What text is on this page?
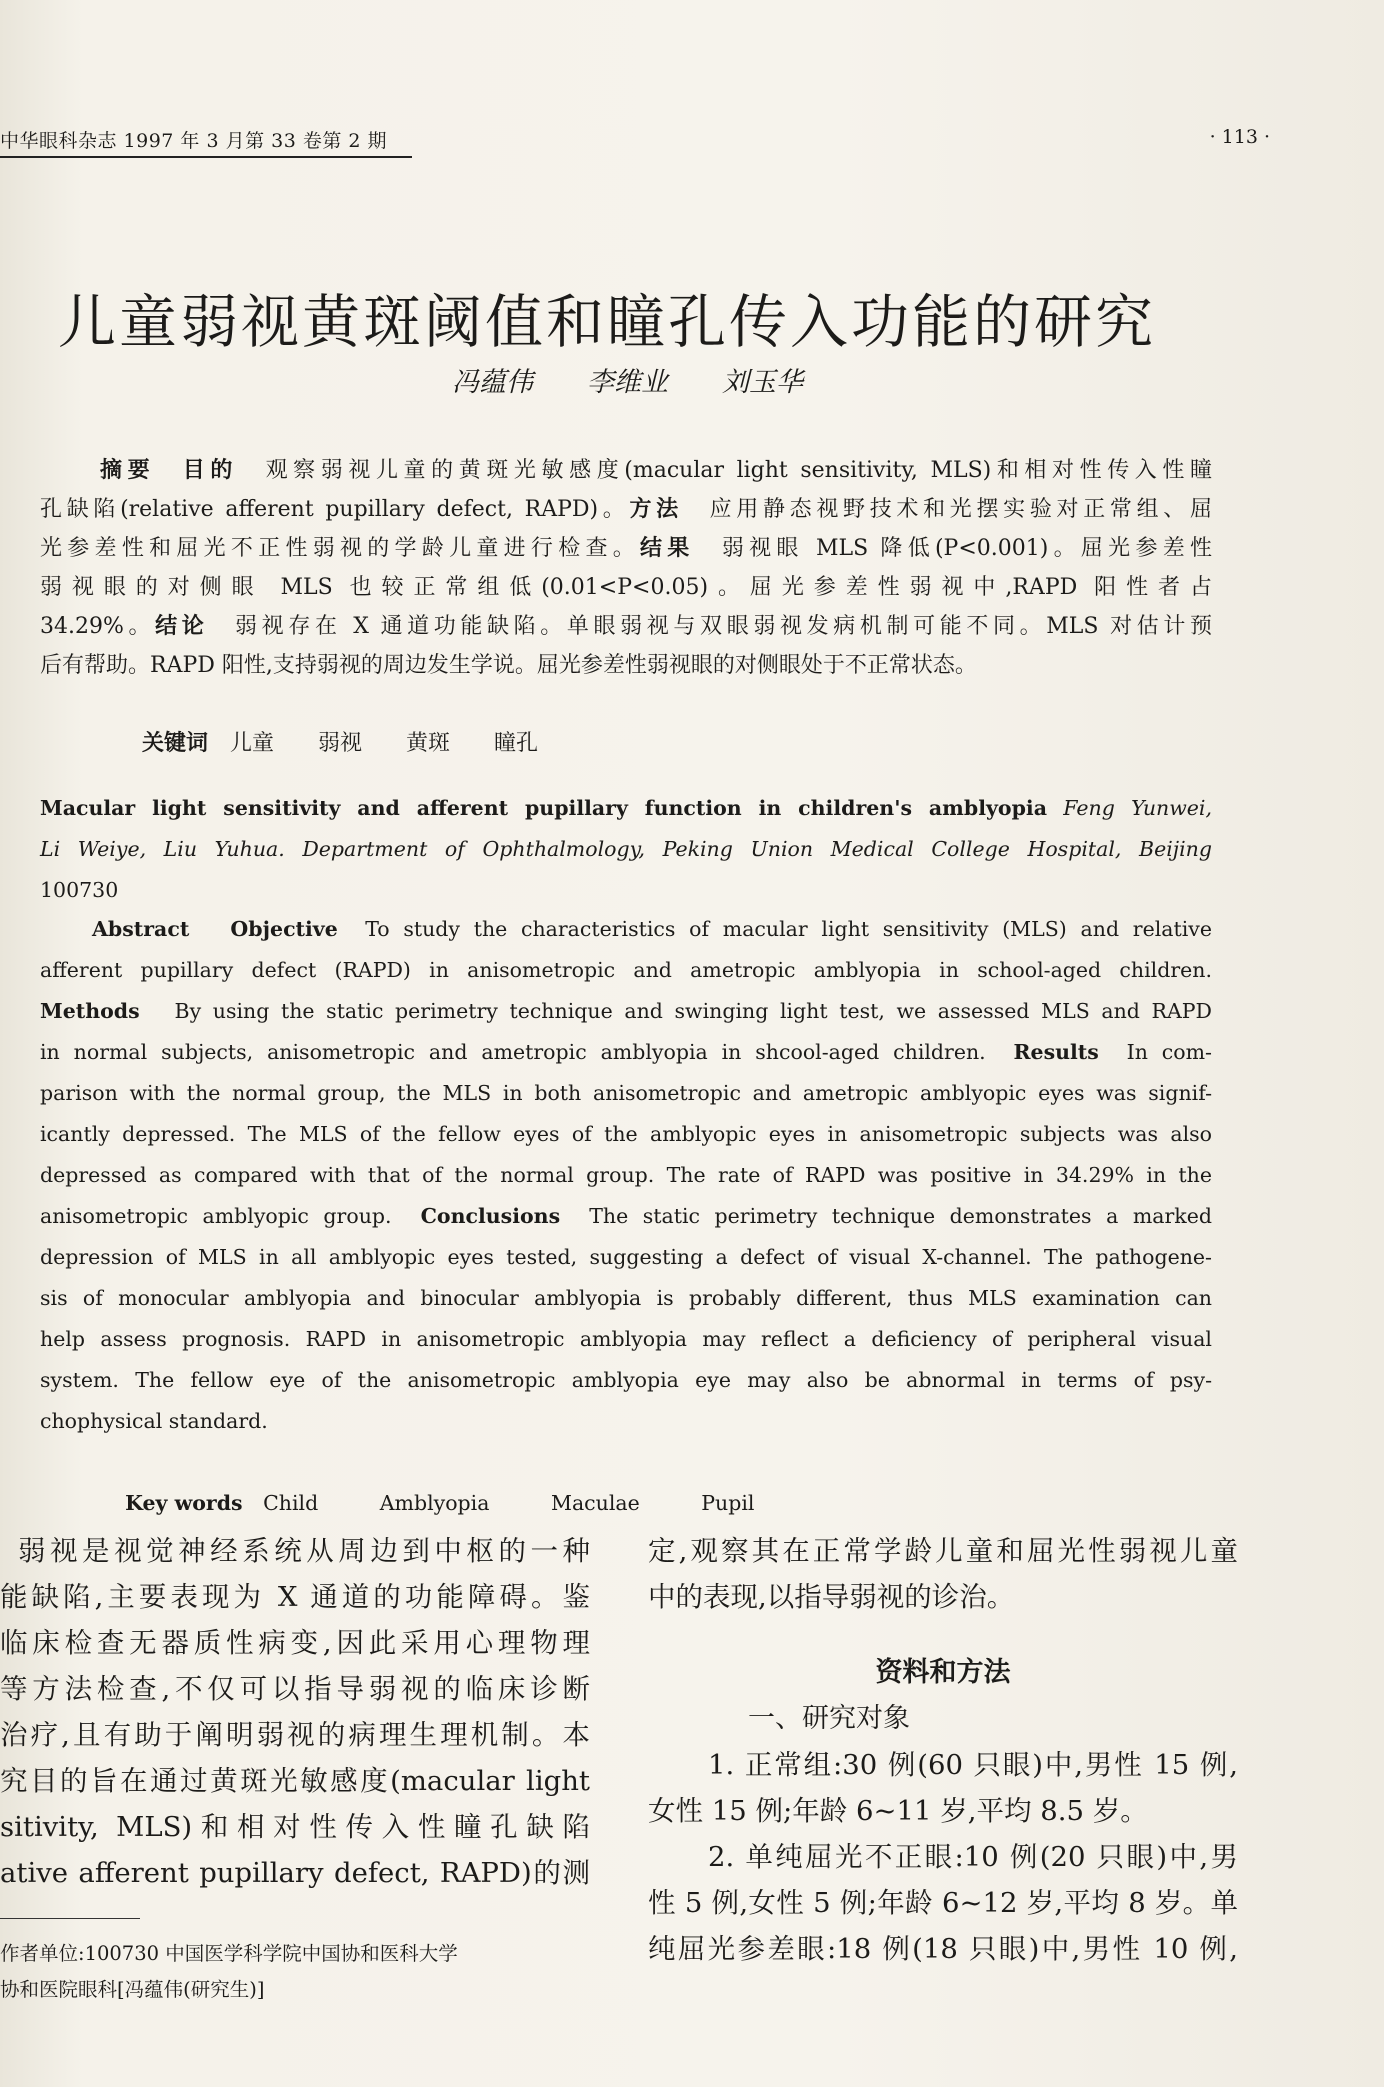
中华眼科杂志 1997 年 3 月第 33 卷第 2 期	· 113 ·
儿童弱视黄斑阈值和瞳孔传入功能的研究
冯蕴伟　　李维业　　刘玉华
摘要　目的　观察弱视儿童的黄斑光敏感度(macular light sensitivity, MLS)和相对性传入性瞳
孔缺陷(relative afferent pupillary defect, RAPD)。方法　应用静态视野技术和光摆实验对正常组、屈
光参差性和屈光不正性弱视的学龄儿童进行检查。结果　弱视眼 MLS 降低(P<0.001)。屈光参差性
弱视眼的对侧眼 MLS 也较正常组低(0.01<P<0.05)。屈光参差性弱视中,RAPD 阳性者占
34.29%。结论　弱视存在 X 通道功能缺陷。单眼弱视与双眼弱视发病机制可能不同。MLS 对估计预
后有帮助。RAPD 阳性,支持弱视的周边发生学说。屈光参差性弱视眼的对侧眼处于不正常状态。

关键词　儿童　　弱视　　黄斑　　瞳孔

Macular light sensitivity and afferent pupillary function in children's amblyopia Feng Yunwei,
Li Weiye, Liu Yuhua. Department of Ophthalmology, Peking Union Medical College Hospital, Beijing
100730
Abstract Objective To study the characteristics of macular light sensitivity (MLS) and relative
afferent pupillary defect (RAPD) in anisometropic and ametropic amblyopia in school-aged children.
Methods By using the static perimetry technique and swinging light test, we assessed MLS and RAPD
in normal subjects, anisometropic and ametropic amblyopia in shcool-aged children. Results In com-
parison with the normal group, the MLS in both anisometropic and ametropic amblyopic eyes was signif-
icantly depressed. The MLS of the fellow eyes of the amblyopic eyes in anisometropic subjects was also
depressed as compared with that of the normal group. The rate of RAPD was positive in 34.29% in the
anisometropic amblyopic group. Conclusions The static perimetry technique demonstrates a marked
depression of MLS in all amblyopic eyes tested, suggesting a defect of visual X-channel. The pathogene-
sis of monocular amblyopia and binocular amblyopia is probably different, thus MLS examination can
help assess prognosis. RAPD in anisometropic amblyopia may reflect a deficiency of peripheral visual
system. The fellow eye of the anisometropic amblyopia eye may also be abnormal in terms of psy-
chophysical standard.

Key words　Child　　　Amblyopia　　　Maculae　　　Pupil

弱视是视觉神经系统从周边到中枢的一种
能缺陷,主要表现为 X 通道的功能障碍。鉴
临床检查无器质性病变,因此采用心理物理
等方法检查,不仅可以指导弱视的临床诊断
治疗,且有助于阐明弱视的病理生理机制。本
究目的旨在通过黄斑光敏感度(macular light
sitivity, MLS)和相对性传入性瞳孔缺陷
ative afferent pupillary defect, RAPD)的测
作者单位:100730 中国医学科学院中国协和医科大学
协和医院眼科[冯蕴伟(研究生)]
定,观察其在正常学龄儿童和屈光性弱视儿童
中的表现,以指导弱视的诊治。
资料和方法
一、研究对象
1. 正常组:30 例(60 只眼)中,男性 15 例,
女性 15 例;年龄 6~11 岁,平均 8.5 岁。
2. 单纯屈光不正眼:10 例(20 只眼)中,男
性 5 例,女性 5 例;年龄 6~12 岁,平均 8 岁。单
纯屈光参差眼:18 例(18 只眼)中,男性 10 例,
